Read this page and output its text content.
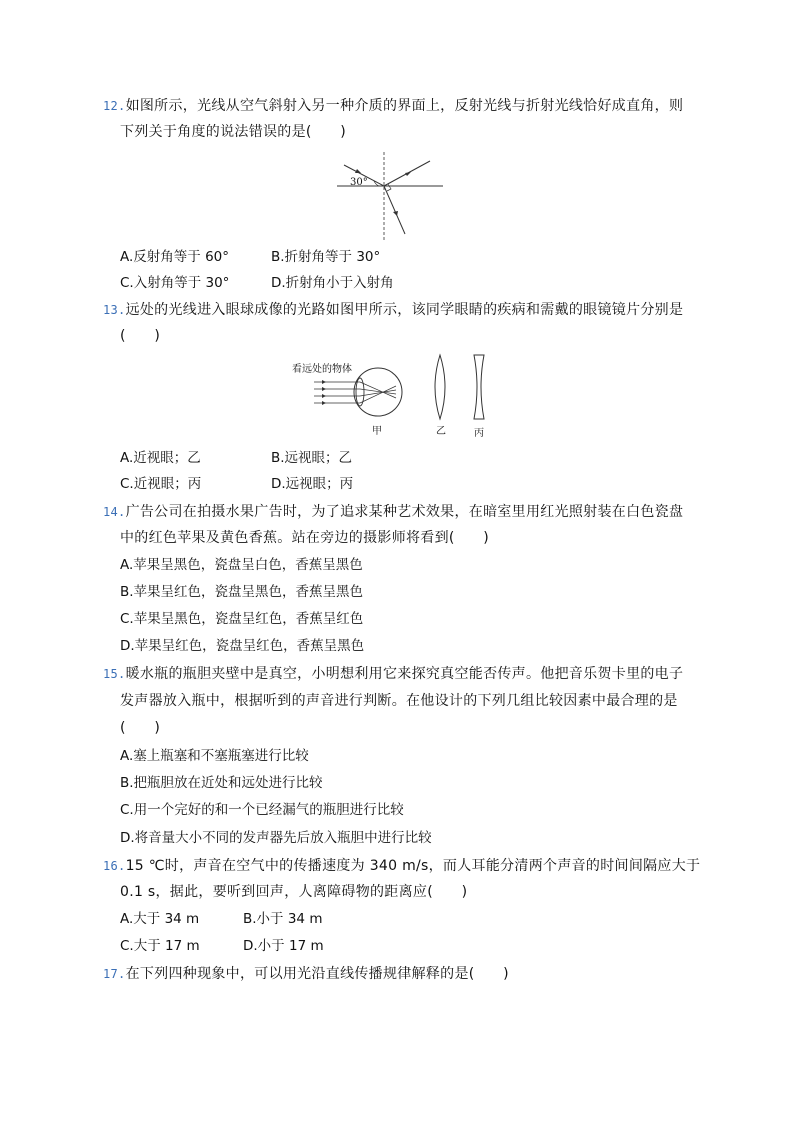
12.如图所示，光线从空气斜射入另一种介质的界面上，反射光线与折射光线恰好成直角，则
下列关于角度的说法错误的是(　　)
30°
A.反射角等于 60°	B.折射角等于 30°
C.入射角等于 30°	D.折射角小于入射角
13.远处的光线进入眼球成像的光路如图甲所示，该同学眼睛的疾病和需戴的眼镜镜片分别是
(　　)
看远处的物体
甲	乙	丙
A.近视眼；乙	B.远视眼；乙
C.近视眼；丙	D.远视眼；丙
14.广告公司在拍摄水果广告时，为了追求某种艺术效果，在暗室里用红光照射装在白色瓷盘
中的红色苹果及黄色香蕉。站在旁边的摄影师将看到(　　)
A.苹果呈黑色，瓷盘呈白色，香蕉呈黑色
B.苹果呈红色，瓷盘呈黑色，香蕉呈黑色
C.苹果呈黑色，瓷盘呈红色，香蕉呈红色
D.苹果呈红色，瓷盘呈红色，香蕉呈黑色
15.暖水瓶的瓶胆夹壁中是真空，小明想利用它来探究真空能否传声。他把音乐贺卡里的电子
发声器放入瓶中，根据听到的声音进行判断。在他设计的下列几组比较因素中最合理的是
(　　)
A.塞上瓶塞和不塞瓶塞进行比较
B.把瓶胆放在近处和远处进行比较
C.用一个完好的和一个已经漏气的瓶胆进行比较
D.将音量大小不同的发声器先后放入瓶胆中进行比较
16.15 ℃时，声音在空气中的传播速度为 340 m/s，而人耳能分清两个声音的时间间隔应大于
0.1 s，据此，要听到回声，人离障碍物的距离应(　　)
A.大于 34 m	B.小于 34 m
C.大于 17 m	D.小于 17 m
17.在下列四种现象中，可以用光沿直线传播规律解释的是(　　)
